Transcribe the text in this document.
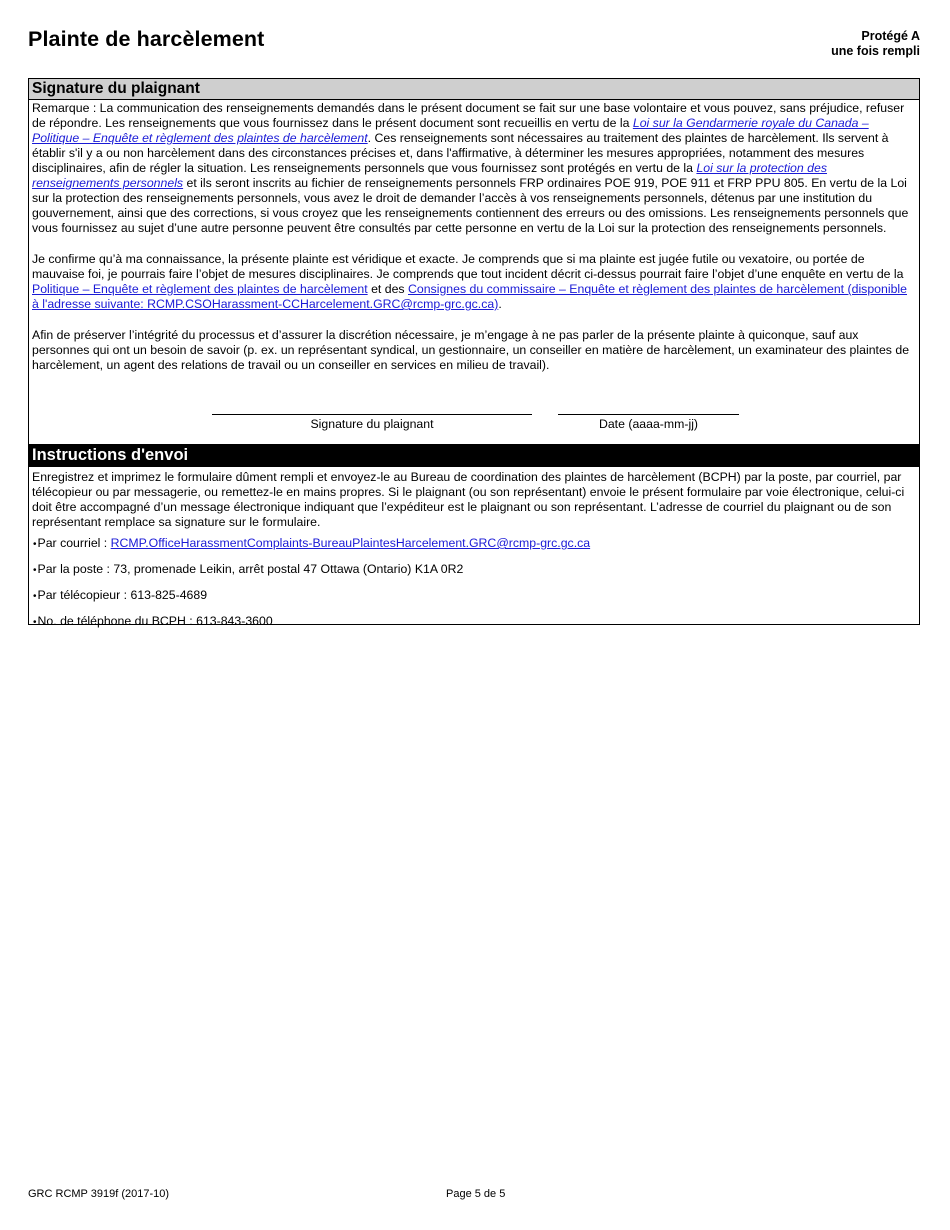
Plainte de harcèlement	Protégé A
une fois rempli
Signature du plaignant

Remarque : La communication des renseignements demandés dans le présent document se fait sur une base volontaire et vous pouvez, sans préjudice, refuser de répondre. Les renseignements que vous fournissez dans le présent document sont recueillis en vertu de la Loi sur la Gendarmerie royale du Canada – Politique – Enquête et règlement des plaintes de harcèlement. Ces renseignements sont nécessaires au traitement des plaintes de harcèlement. Ils servent à établir s'il y a ou non harcèlement dans des circonstances précises et, dans l'affirmative, à déterminer les mesures appropriées, notamment des mesures disciplinaires, afin de régler la situation. Les renseignements personnels que vous fournissez sont protégés en vertu de la Loi sur la protection des renseignements personnels et ils seront inscrits au fichier de renseignements personnels FRP ordinaires POE 919, POE 911 et FRP PPU 805. En vertu de la Loi sur la protection des renseignements personnels, vous avez le droit de demander l’accès à vos renseignements personnels, détenus par une institution du gouvernement, ainsi que des corrections, si vous croyez que les renseignements contiennent des erreurs ou des omissions. Les renseignements personnels que vous fournissez au sujet d’une autre personne peuvent être consultés par cette personne en vertu de la Loi sur la protection des renseignements personnels.

Je confirme qu’à ma connaissance, la présente plainte est véridique et exacte. Je comprends que si ma plainte est jugée futile ou vexatoire, ou portée de mauvaise foi, je pourrais faire l’objet de mesures disciplinaires. Je comprends que tout incident décrit ci-dessus pourrait faire l’objet d’une enquête en vertu de la Politique – Enquête et règlement des plaintes de harcèlement et des Consignes du commissaire – Enquête et règlement des plaintes de harcèlement (disponible à l'adresse suivante: RCMP.CSOHarassment-CCHarcelement.GRC@rcmp-grc.gc.ca).

Afin de préserver l’intégrité du processus et d’assurer la discrétion nécessaire, je m’engage à ne pas parler de la présente plainte à quiconque, sauf aux personnes qui ont un besoin de savoir (p. ex. un représentant syndical, un gestionnaire, un conseiller en matière de harcèlement, un examinateur des plaintes de harcèlement, un agent des relations de travail ou un conseiller en services en milieu de travail).

Signature du plaignant	Date (aaaa-mm-jj)
Instructions d'envoi

Enregistrez et imprimez le formulaire dûment rempli et envoyez-le au Bureau de coordination des plaintes de harcèlement (BCPH) par la poste, par courriel, par télécopieur ou par messagerie, ou remettez-le en mains propres. Si le plaignant (ou son représentant) envoie le présent formulaire par voie électronique, celui-ci doit être accompagné d’un message électronique indiquant que l’expéditeur est le plaignant ou son représentant. L’adresse de courriel du plaignant ou de son représentant remplace sa signature sur le formulaire.

•Par courriel : RCMP.OfficeHarassmentComplaints-BureauPlaintesHarcelement.GRC@rcmp-grc.gc.ca
•Par la poste : 73, promenade Leikin, arrêt postal 47 Ottawa (Ontario) K1A 0R2
•Par télécopieur : 613-825-4689
•No. de téléphone du BCPH : 613-843-3600
GRC RCMP 3919f (2017-10)	Page 5 de 5
